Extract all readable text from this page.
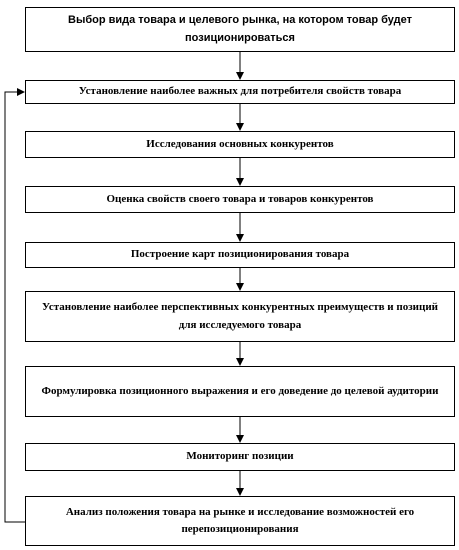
Выбор вида товара и целевого рынка, на котором товар будет позиционироваться
Установление наиболее важных для потребителя свойств товара
Исследования основных конкурентов
Оценка свойств своего товара и товаров конкурентов
Построение карт позиционирования товара
Установление наиболее перспективных конкурентных преимуществ и позиций для исследуемого товара
Формулировка позиционного выражения и его доведение до целевой аудитории
Мониторинг позиции
Анализ положения товара на рынке и исследование возможностей его перепозиционирования
